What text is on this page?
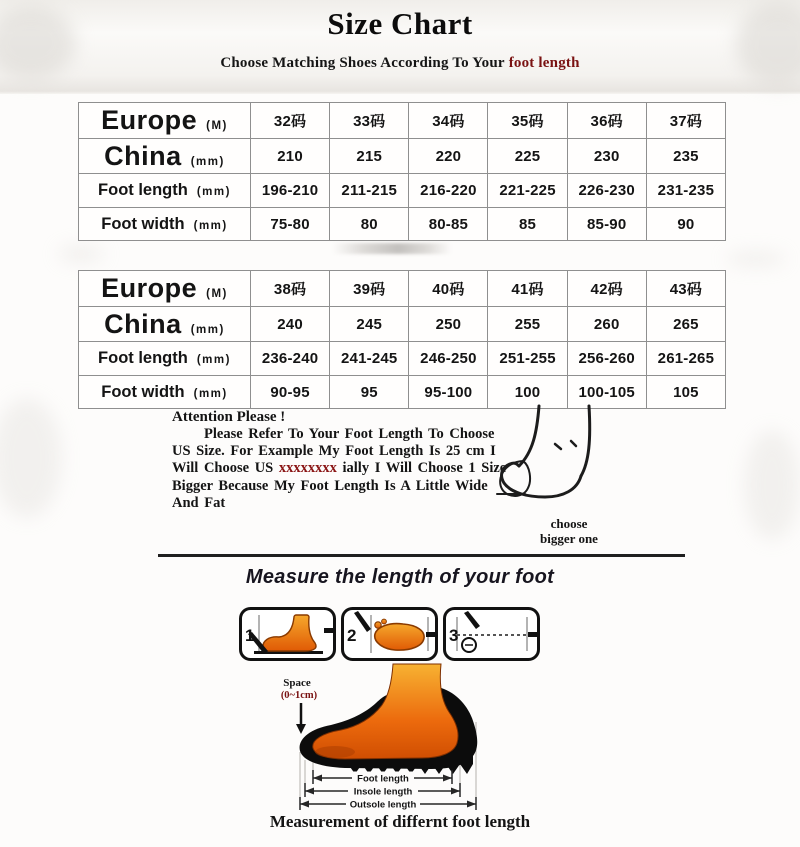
Size Chart
Choose Matching Shoes According To Your foot length
Europe (M)	32码	33码	34码	35码	36码	37码
China (mm)	210	215	220	225	230	235
Foot length (mm)	196-210	211-215	216-220	221-225	226-230	231-235
Foot width (mm)	75-80	80	80-85	85	85-90	90
Europe (M)	38码	39码	40码	41码	42码	43码
China (mm)	240	245	250	255	260	265
Foot length (mm)	236-240	241-245	246-250	251-255	256-260	261-265
Foot width (mm)	90-95	95	95-100	100	100-105	105
Attention Please !
Please Refer To Your Foot Length To Choose
US Size. For Example My Foot Length Is 25 cm I
Will Choose US xxxxxxxx ially I Will Choose 1 Size
Bigger Because My Foot Length Is A Little Wide
And Fat
choose
bigger one
Measure the length of your foot
1	2	3
Space
(0~1cm)
Foot length
Insole length
Outsole length
Measurement of differnt foot length
